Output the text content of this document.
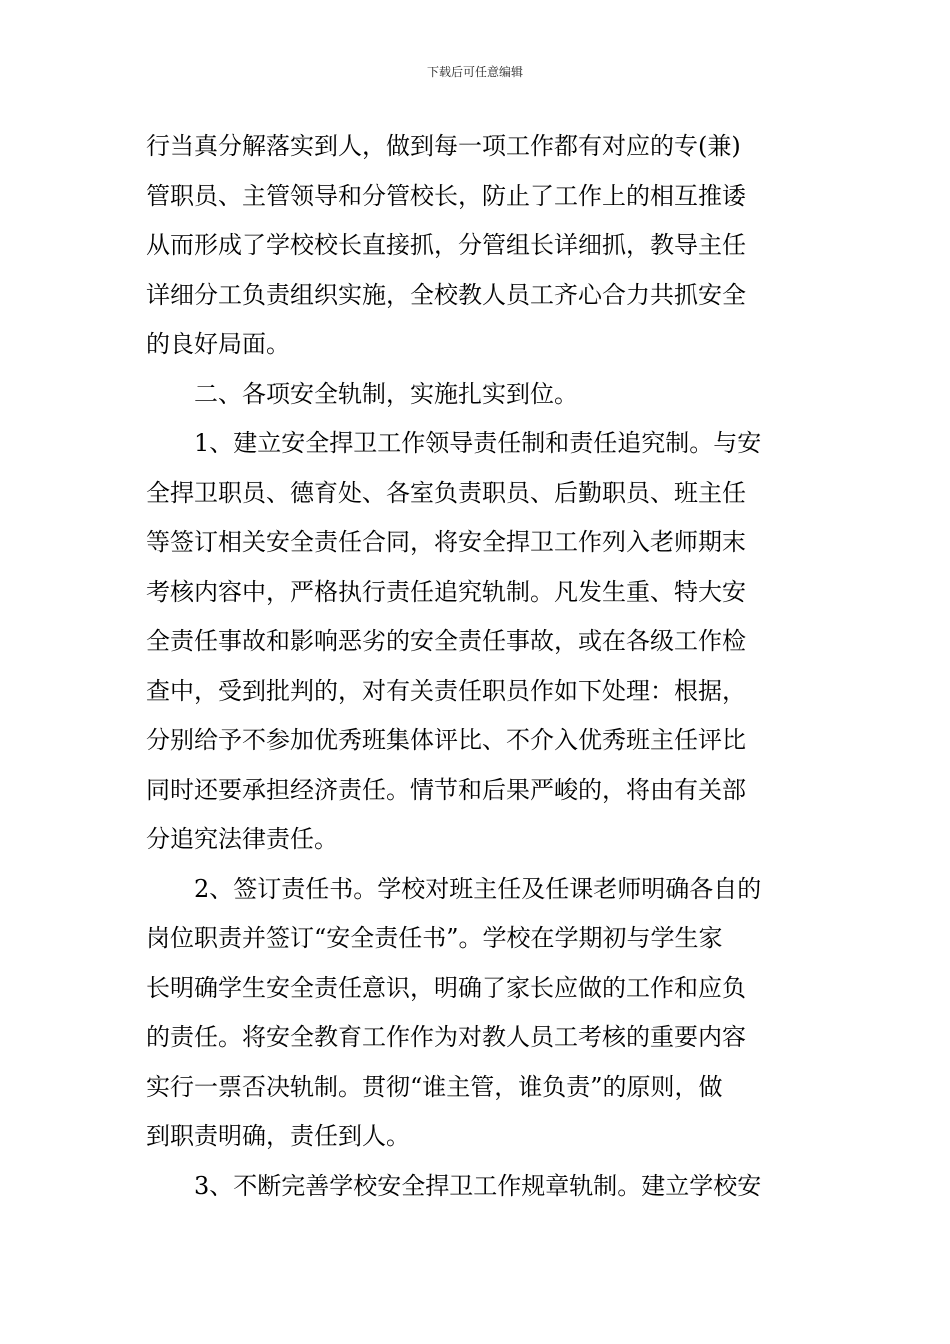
下载后可任意编辑
行当真分解落实到人，做到每一项工作都有对应的专(兼)
管职员、主管领导和分管校长，防止了工作上的相互推诿
从而形成了学校校长直接抓，分管组长详细抓，教导主任
详细分工负责组织实施，全校教人员工齐心合力共抓安全
的良好局面。
二、各项安全轨制，实施扎实到位。
1、建立安全捍卫工作领导责任制和责任追究制。与安
全捍卫职员、德育处、各室负责职员、后勤职员、班主任
等签订相关安全责任合同，将安全捍卫工作列入老师期末
考核内容中，严格执行责任追究轨制。凡发生重、特大安
全责任事故和影响恶劣的安全责任事故，或在各级工作检
查中，受到批判的，对有关责任职员作如下处理：根据，
分别给予不参加优秀班集体评比、不介入优秀班主任评比
同时还要承担经济责任。情节和后果严峻的，将由有关部
分追究法律责任。
2、签订责任书。学校对班主任及任课老师明确各自的
岗位职责并签订“安全责任书”。学校在学期初与学生家
长明确学生安全责任意识，明确了家长应做的工作和应负
的责任。将安全教育工作作为对教人员工考核的重要内容
实行一票否决轨制。贯彻“谁主管，谁负责”的原则，做
到职责明确，责任到人。
3、不断完善学校安全捍卫工作规章轨制。建立学校安
